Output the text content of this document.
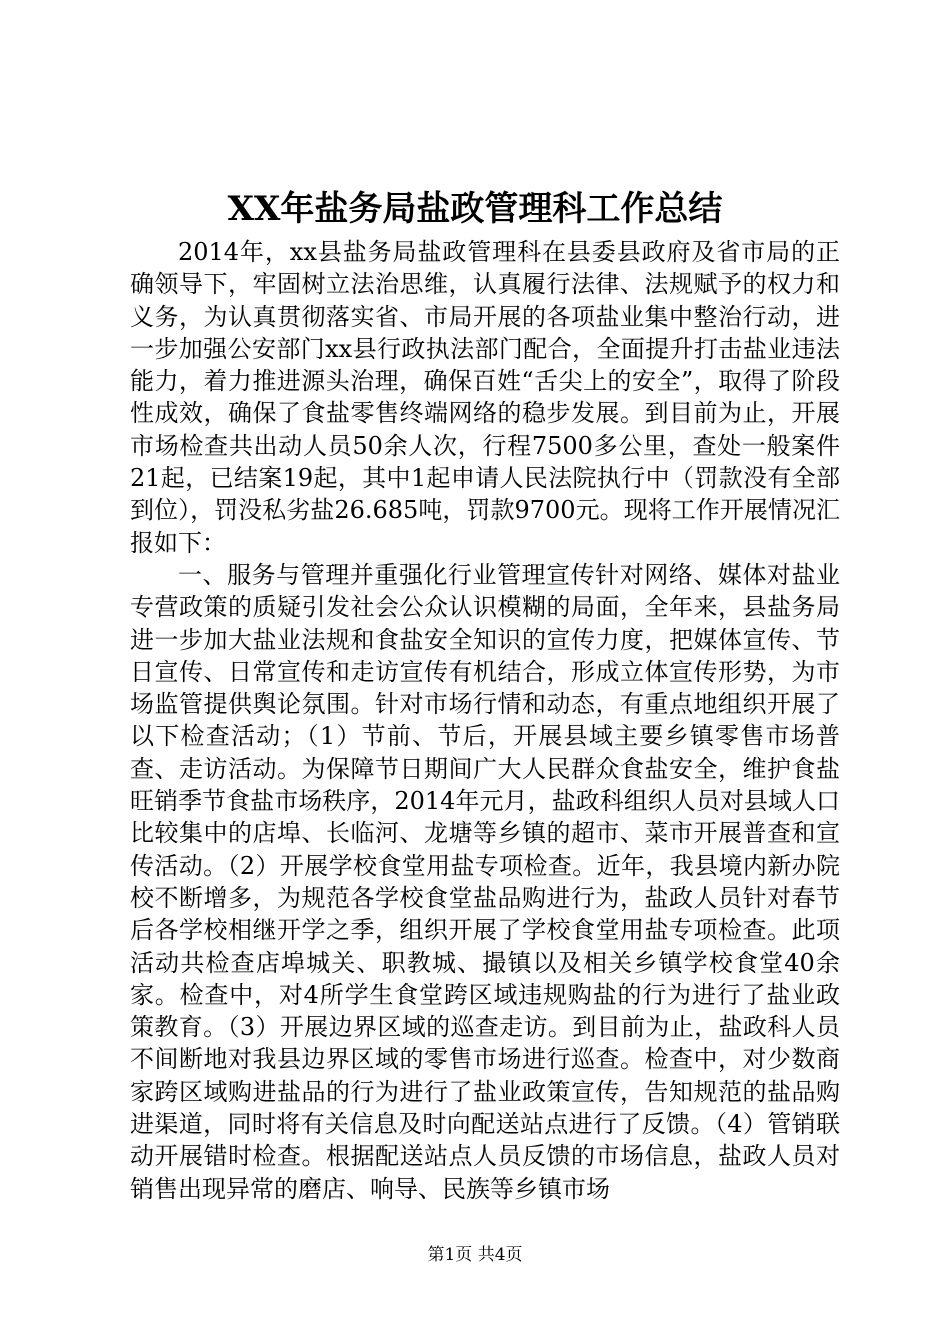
XX年盐务局盐政管理科工作总结

2014年，xx县盐务局盐政管理科在县委县政府及省市局的正确领导下，牢固树立法治思维，认真履行法律、法规赋予的权力和义务，为认真贯彻落实省、市局开展的各项盐业集中整治行动，进一步加强公安部门xx县行政执法部门配合，全面提升打击盐业违法能力，着力推进源头治理，确保百姓“舌尖上的安全”，取得了阶段性成效，确保了食盐零售终端网络的稳步发展。到目前为止，开展市场检查共出动人员50余人次，行程7500多公里，查处一般案件21起，已结案19起，其中1起申请人民法院执行中（罚款没有全部到位），罚没私劣盐26.685吨，罚款9700元。现将工作开展情况汇报如下：

一、服务与管理并重强化行业管理宣传针对网络、媒体对盐业专营政策的质疑引发社会公众认识模糊的局面，全年来，县盐务局进一步加大盐业法规和食盐安全知识的宣传力度，把媒体宣传、节日宣传、日常宣传和走访宣传有机结合，形成立体宣传形势，为市场监管提供舆论氛围。针对市场行情和动态，有重点地组织开展了以下检查活动；（1）节前、节后，开展县域主要乡镇零售市场普查、走访活动。为保障节日期间广大人民群众食盐安全，维护食盐旺销季节食盐市场秩序，2014年元月，盐政科组织人员对县域人口比较集中的店埠、长临河、龙塘等乡镇的超市、菜市开展普查和宣传活动。（2）开展学校食堂用盐专项检查。近年，我县境内新办院校不断增多，为规范各学校食堂盐品购进行为，盐政人员针对春节后各学校相继开学之季，组织开展了学校食堂用盐专项检查。此项活动共检查店埠城关、职教城、撮镇以及相关乡镇学校食堂40余家。检查中，对4所学生食堂跨区域违规购盐的行为进行了盐业政策教育。（3）开展边界区域的巡查走访。到目前为止，盐政科人员不间断地对我县边界区域的零售市场进行巡查。检查中，对少数商家跨区域购进盐品的行为进行了盐业政策宣传，告知规范的盐品购进渠道，同时将有关信息及时向配送站点进行了反馈。（4）管销联动开展错时检查。根据配送站点人员反馈的市场信息，盐政人员对销售出现异常的磨店、响导、民族等乡镇市场

第1页 共4页
